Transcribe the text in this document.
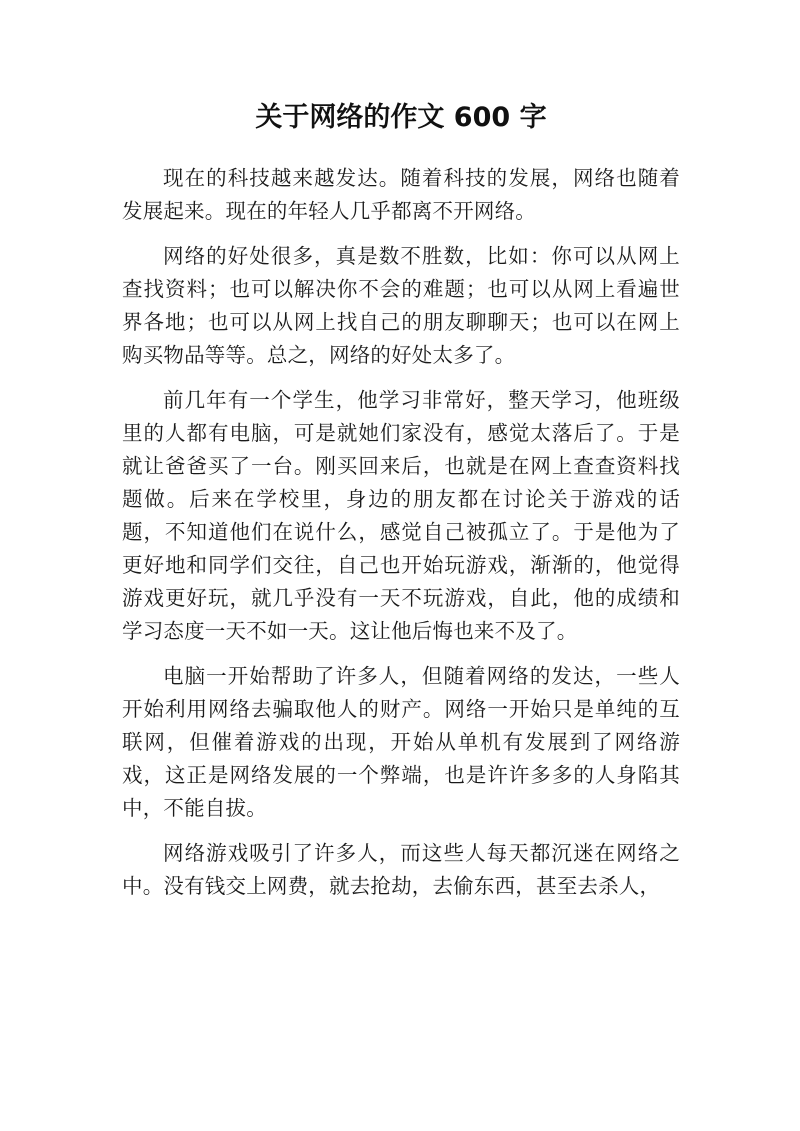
关于网络的作文 600 字

现在的科技越来越发达。随着科技的发展，网络也随着发展起来。现在的年轻人几乎都离不开网络。

网络的好处很多，真是数不胜数，比如：你可以从网上查找资料；也可以解决你不会的难题；也可以从网上看遍世界各地；也可以从网上找自己的朋友聊聊天；也可以在网上购买物品等等。总之，网络的好处太多了。

前几年有一个学生，他学习非常好，整天学习，他班级里的人都有电脑，可是就她们家没有，感觉太落后了。于是就让爸爸买了一台。刚买回来后，也就是在网上查查资料找题做。后来在学校里，身边的朋友都在讨论关于游戏的话题，不知道他们在说什么，感觉自己被孤立了。于是他为了更好地和同学们交往，自己也开始玩游戏，渐渐的，他觉得游戏更好玩，就几乎没有一天不玩游戏，自此，他的成绩和学习态度一天不如一天。这让他后悔也来不及了。

电脑一开始帮助了许多人，但随着网络的发达，一些人开始利用网络去骗取他人的财产。网络一开始只是单纯的互联网，但催着游戏的出现，开始从单机有发展到了网络游戏，这正是网络发展的一个弊端，也是许许多多的人身陷其中，不能自拔。

网络游戏吸引了许多人，而这些人每天都沉迷在网络之中。没有钱交上网费，就去抢劫，去偷东西，甚至去杀人，
